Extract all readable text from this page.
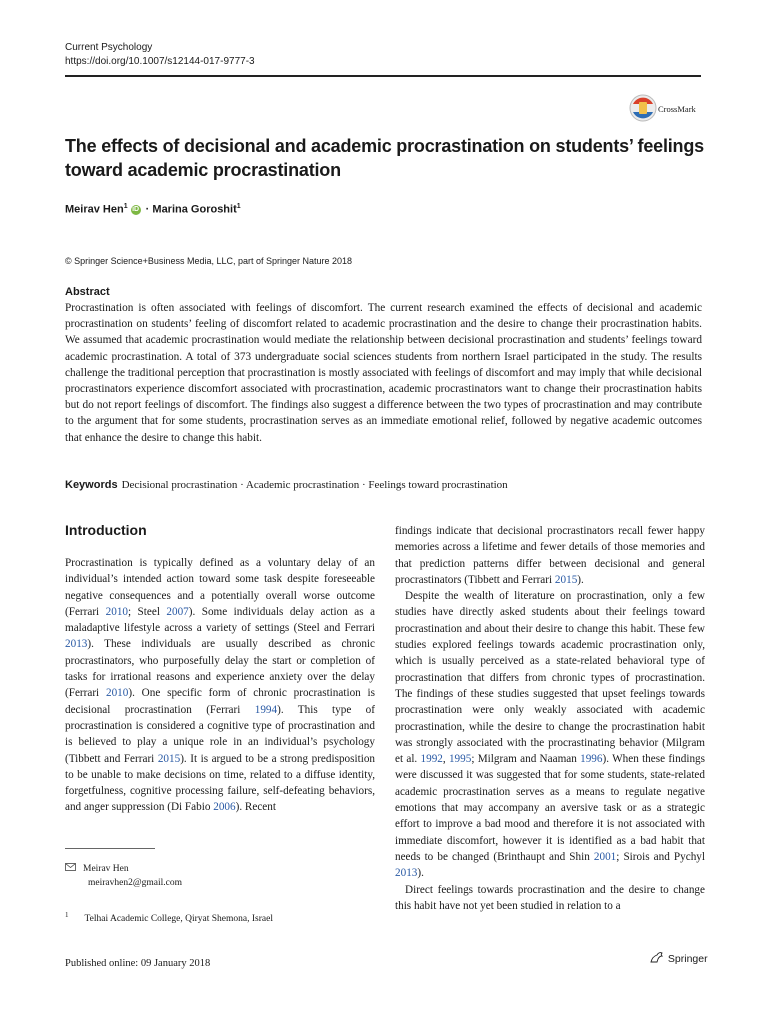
Current Psychology
https://doi.org/10.1007/s12144-017-9777-3
CrossMark
The effects of decisional and academic procrastination on students’ feelings toward academic procrastination
Meirav Hen$^1$ iD · Marina Goroshit$^1$
© Springer Science+Business Media, LLC, part of Springer Nature 2018
Abstract
Procrastination is often associated with feelings of discomfort. The current research examined the effects of decisional and academic procrastination on students’ feeling of discomfort related to academic procrastination and the desire to change their procrastination habits. We assumed that academic procrastination would mediate the relationship between decisional procrastination and students’ feelings toward academic procrastination. A total of 373 undergraduate social sciences students from northern Israel participated in the study. The results challenge the traditional perception that procrastination is mostly associated with feelings of discomfort and may imply that while decisional procrastinators experience discomfort associated with procrastination, academic procrastinators want to change their procrastination habits but do not report feelings of discomfort. The findings also suggest a difference between the two types of procrastination and may contribute to the argument that for some students, procrastination serves as an immediate emotional relief, followed by negative academic outcomes that enhance the desire to change this habit.
Keywords Decisional procrastination · Academic procrastination · Feelings toward procrastination
Introduction

Procrastination is typically defined as a voluntary delay of an individual’s intended action toward some task despite foreseeable negative consequences and a potentially overall worse outcome (Ferrari 2010; Steel 2007). Some individuals delay action as a maladaptive lifestyle across a variety of settings (Steel and Ferrari 2013). These individuals are usually described as chronic procrastinators, who purposefully delay the start or completion of tasks for irrational reasons and experience anxiety over the delay (Ferrari 2010). One specific form of chronic procrastination is decisional procrastination (Ferrari 1994). This type of procrastination is considered a cognitive type of procrastination and is believed to play a unique role in an individual’s psychology (Tibbett and Ferrari 2015). It is argued to be a strong predisposition to be unable to make decisions on time, related to a diffuse identity, forgetfulness, cognitive processing failure, self-defeating behaviors, and anger suppression (Di Fabio 2006). Recent

findings indicate that decisional procrastinators recall fewer happy memories across a lifetime and fewer details of those memories and that prediction patterns differ between decisional and general procrastinators (Tibbett and Ferrari 2015).

Despite the wealth of literature on procrastination, only a few studies have directly asked students about their feelings toward procrastination and about their desire to change this habit. These few studies explored feelings towards academic procrastination only, which is usually perceived as a state-related behavioral type of procrastination that differs from chronic types of procrastination. The findings of these studies suggested that upset feelings towards procrastination were only weakly associated with academic procrastination, while the desire to change the procrastination habit was strongly associated with the procrastinating behavior (Milgram et al. 1992, 1995; Milgram and Naaman 1996). When these findings were discussed it was suggested that for some students, state-related academic procrastination serves as a means to regulate negative emotions that may accompany an aversive task or as a strategic effort to improve a bad mood and therefore it is not associated with immediate discomfort, however it is identified as a bad habit that needs to be changed (Brinthaupt and Shin 2001; Sirois and Pychyl 2013).

Direct feelings towards procrastination and the desire to change this habit have not yet been studied in relation to a

Meirav Hen
meiravhen2@gmail.com
$^1$ Telhai Academic College, Qiryat Shemona, Israel
Published online: 09 January 2018	Springer
